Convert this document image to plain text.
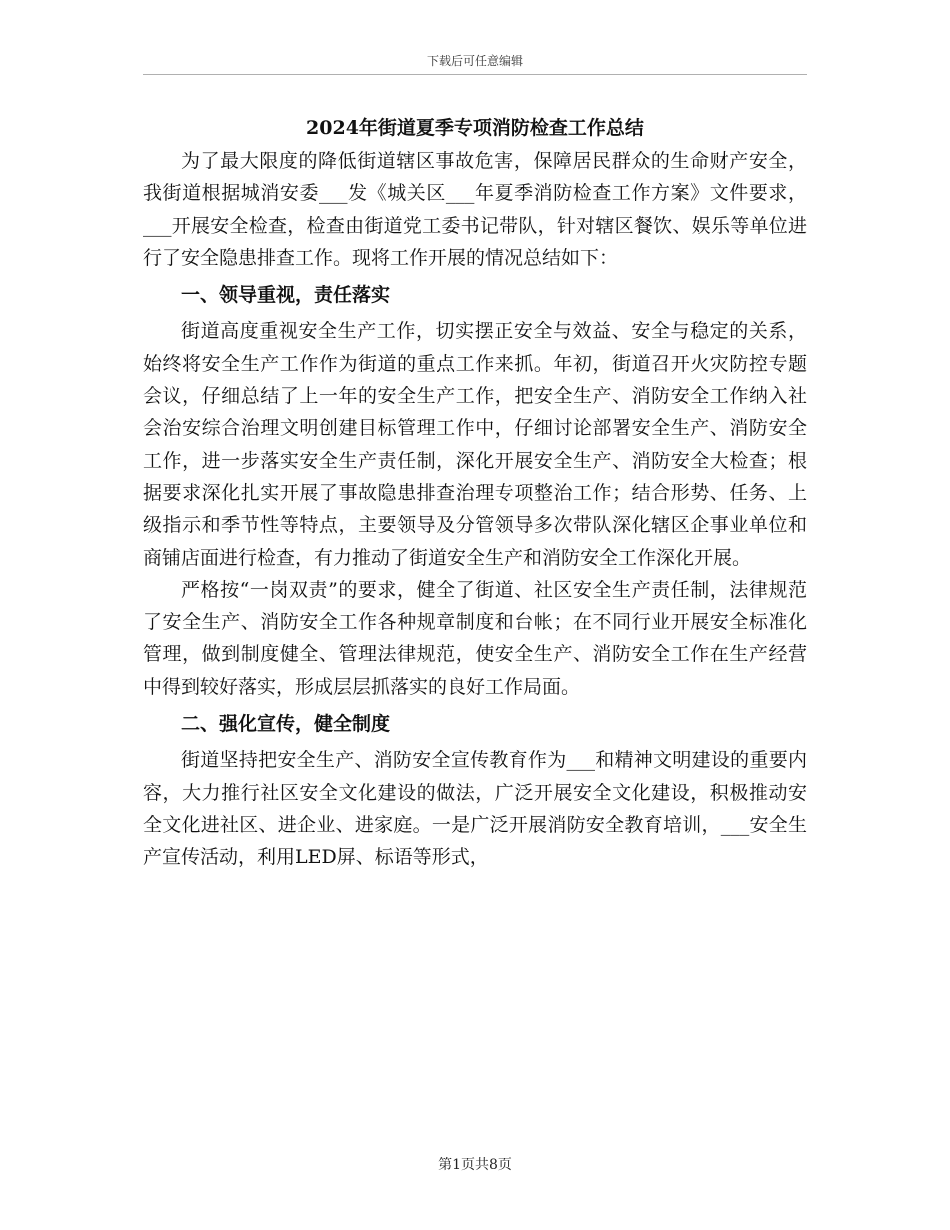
下载后可任意编辑
2024年街道夏季专项消防检查工作总结

为了最大限度的降低街道辖区事故危害，保障居民群众的生命财产安全，我街道根据城消安委___发《城关区___年夏季消防检查工作方案》文件要求，___开展安全检查，检查由街道党工委书记带队，针对辖区餐饮、娱乐等单位进行了安全隐患排查工作。现将工作开展的情况总结如下：

一、领导重视，责任落实

街道高度重视安全生产工作，切实摆正安全与效益、安全与稳定的关系，始终将安全生产工作作为街道的重点工作来抓。年初，街道召开火灾防控专题会议，仔细总结了上一年的安全生产工作，把安全生产、消防安全工作纳入社会治安综合治理文明创建目标管理工作中，仔细讨论部署安全生产、消防安全工作，进一步落实安全生产责任制，深化开展安全生产、消防安全大检查；根据要求深化扎实开展了事故隐患排查治理专项整治工作；结合形势、任务、上级指示和季节性等特点，主要领导及分管领导多次带队深化辖区企事业单位和商铺店面进行检查，有力推动了街道安全生产和消防安全工作深化开展。

严格按“一岗双责”的要求，健全了街道、社区安全生产责任制，法律规范了安全生产、消防安全工作各种规章制度和台帐；在不同行业开展安全标准化管理，做到制度健全、管理法律规范，使安全生产、消防安全工作在生产经营中得到较好落实，形成层层抓落实的良好工作局面。

二、强化宣传，健全制度

街道坚持把安全生产、消防安全宣传教育作为___和精神文明建设的重要内容，大力推行社区安全文化建设的做法，广泛开展安全文化建设，积极推动安全文化进社区、进企业、进家庭。一是广泛开展消防安全教育培训，___安全生产宣传活动，利用LED屏、标语等形式，

第1页共8页
